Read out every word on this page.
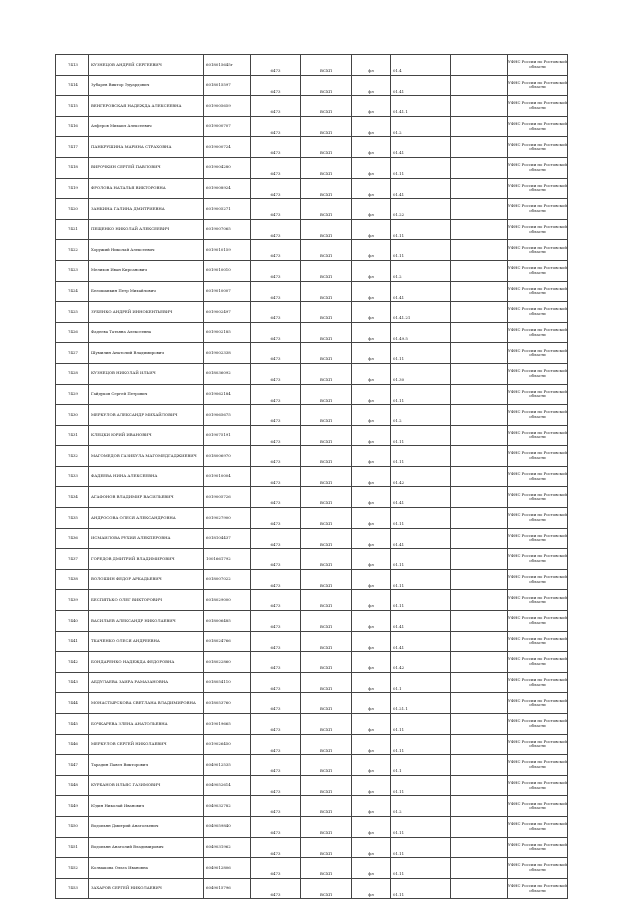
7413	КУЗНЕЦОВ АНДРЕЙ СЕРГЕЕВИЧ	6018015645г	6473	ВСХП	фл	01.4		УФНС России по Ростовской области
7414	Зубарев Виктор Эдуардович	6018015597	6473	ВСХП	фл	01.41		УФНС России по Ростовской области
7415	ВЕНГЕРОВСКАЯ НАДЕЖДА АЛЕКСЕЕВНА	6019005659	6473	ВСХП	фл	01.41.1		УФНС России по Ростовской области
7416	Алферов Михаил Алексеевич	6019000707	6473	ВСХП	фл	01.2		УФНС России по Ростовской области
7417	ПАНКРУШИНА МАРИНА СТРАХОВНА	6019000724	6473	ВСХП	фл	01.41		УФНС России по Ростовской области
7418	ВИРОЧКИН СЕРГЕЙ ПАВЛОВИЧ	6019004280	6473	ВСХП	фл	01.11		УФНС России по Ростовской области
7419	ФРОЛОВА НАТАЛЬЯ ВИКТОРОВНА	6019008924	6473	ВСХП	фл	01.41		УФНС России по Ростовской области
7420	ЗАНКИНА ГАЛИНА ДМИТРИЕВНА	6019005271	6473	ВСХП	фл	01.22		УФНС России по Ростовской области
7421	ПЕЩЕНКО НИКОЛАЙ АЛЕКСЕЕВИЧ	6019007065	6473	ВСХП	фл	01.11		УФНС России по Ростовской области
7422	Хоружий Николай Алексеевич	6019010159	6473	ВСХП	фл	01.11		УФНС России по Ростовской области
7423	Мелихов Иван Кирсанович	6019010010	6473	ВСХП	фл	01.2		УФНС России по Ростовской области
7424	Белошапкин Петр Михайлович	6019010007	6473	ВСХП	фл	01.41		УФНС России по Ростовской области
7425	ЗУБЕНКО АНДРЕЙ ИННОКЕНТЬЕВИЧ	6019002497	6473	ВСХП	фл	01.41.21		УФНС России по Ростовской области
7426	Фадеева Татьяна Алексеевна	6019002185	6473	ВСХП	фл	01.49.5		УФНС России по Ростовской области
7427	Шумилин Анатолий Владимирович	6019002338	6473	ВСХП	фл	01.11		УФНС России по Ростовской области
7428	КУЗНЕЦОВ НИКОЛАЙ ИЛЬИЧ	6018036092	6473	ВСХП	фл	01.30		УФНС России по Ростовской области
7429	Гайдуков Сергей Петрович	6019062184	6473	ВСХП	фл	01.11		УФНС России по Ростовской области
7430	МЕРКУЛОВ АЛЕКСАНДР МИХАЙЛОВИЧ	6019065675	6473	ВСХП	фл	01.2		УФНС России по Ростовской области
7431	КЛЕЦКИ ЮРИЙ ИВАНОВИЧ	6019075191	6473	ВСХП	фл	01.11		УФНС России по Ростовской области
7432	МАГОМЕДОВ ГАЗИБУЛА МАГОМЕДГАДЖИЕВИЧ	6018006970	6473	ВСХП	фл	01.11		УФНС России по Ростовской области
7433	ФАДЕЕВА НИНА АЛЕКСЕЕВНА	6019010004	6473	ВСХП	фл	01.42		УФНС России по Ростовской области
7434	АГАФОНОВ ВЛАДИМИР ВАСИЛЬЕВИЧ	6019005726	6473	ВСХП	фл	01.41		УФНС России по Ростовской области
7435	АНДРОСОВА ОЛЕСЯ АЛЕКСАНДРОВНА	6019027900	6473	ВСХП	фл	01.11		УФНС России по Ростовской области
7436	ИСМАИЛОВА РУХИЯ АЛЕКПЕРОВНА	6018104437	6473	ВСХП	фл	01.41		УФНС России по Ростовской области
7437	ГОРЕДОВ ДМИТРИЙ ВЛАДИМИРОВИЧ	1001661792	6473	ВСХП	фл	01.11		УФНС России по Ростовской области
7438	ВОЛОШИН ФЕДОР АРКАДЬЕВИЧ	6018007022	6473	ВСХП	фл	01.11		УФНС России по Ростовской области
7439	БЕСПЯТЬКО ОЛЕГ ВИКТОРОВИЧ	6018029000	6473	ВСХП	фл	01.11		УФНС России по Ростовской области
7440	ВАСИЛЬЕВ АЛЕКСАНДР НИКОЛАЕВИЧ	6018006485	6473	ВСХП	фл	01.41		УФНС России по Ростовской области
7441	ТКАЧЕНКО ОЛЕСЯ АНДРЕЕВНА	6018024766	6473	ВСХП	фл	01.41		УФНС России по Ростовской области
7442	БОНДАРЕНКО НАДЕЖДА ФЕДОРОВНА	6018022860	6473	ВСХП	фл	01.42		УФНС России по Ростовской области
7443	АБДУЛАЕВА ЗАИРА РАМАЗАНОВНА	6018054110	6473	ВСХП	фл	01.1		УФНС России по Ростовской области
7444	МОНАСТЫРСКОВА СВЕТЛАНА ВЛАДИМИРОВНА	6018053760	6473	ВСХП	фл	01.21.1		УФНС России по Ростовской области
7445	БОЧКАРЕВА ЗЛЕНА АНАТОЛЬЕВНА	6019019665	6473	ВСХП	фл	01.11		УФНС России по Ростовской области
7446	МЕРКУЛОВ СЕРГЕЙ НИКОЛАЕВИЧ	6019026450	6473	ВСХП	фл	01.11		УФНС России по Ростовской области
7447	Тарадин Павел Викторович	6049012535	6473	ВСХП	фл	01.1		УФНС России по Ростовской области
7448	КУРБАНОВ ИЛЬЯС ГАЗИМОВИЧ	6049052614	6473	ВСХП	фл	01.11		УФНС России по Ростовской области
7449	Юдин Николай Иванович	6049032782	6473	ВСХП	фл	01.2		УФНС России по Ростовской области
7450	Водопьян Дмитрий Анатольевич	6049059840	6473	ВСХП	фл	01.11		УФНС России по Ростовской области
7451	Водопьян Анатолий Владимирович	6049031962	6473	ВСХП	фл	01.11		УФНС России по Ростовской области
7452	Колмакова Ольга Ивановна	6049012806	6473	ВСХП	фл	01.11		УФНС России по Ростовской области
7453	ЗАХАРОВ СЕРГЕЙ НИКОЛАЕВИЧ	6049015796	6473	ВСХП	фл	01.11		УФНС России по Ростовской области
